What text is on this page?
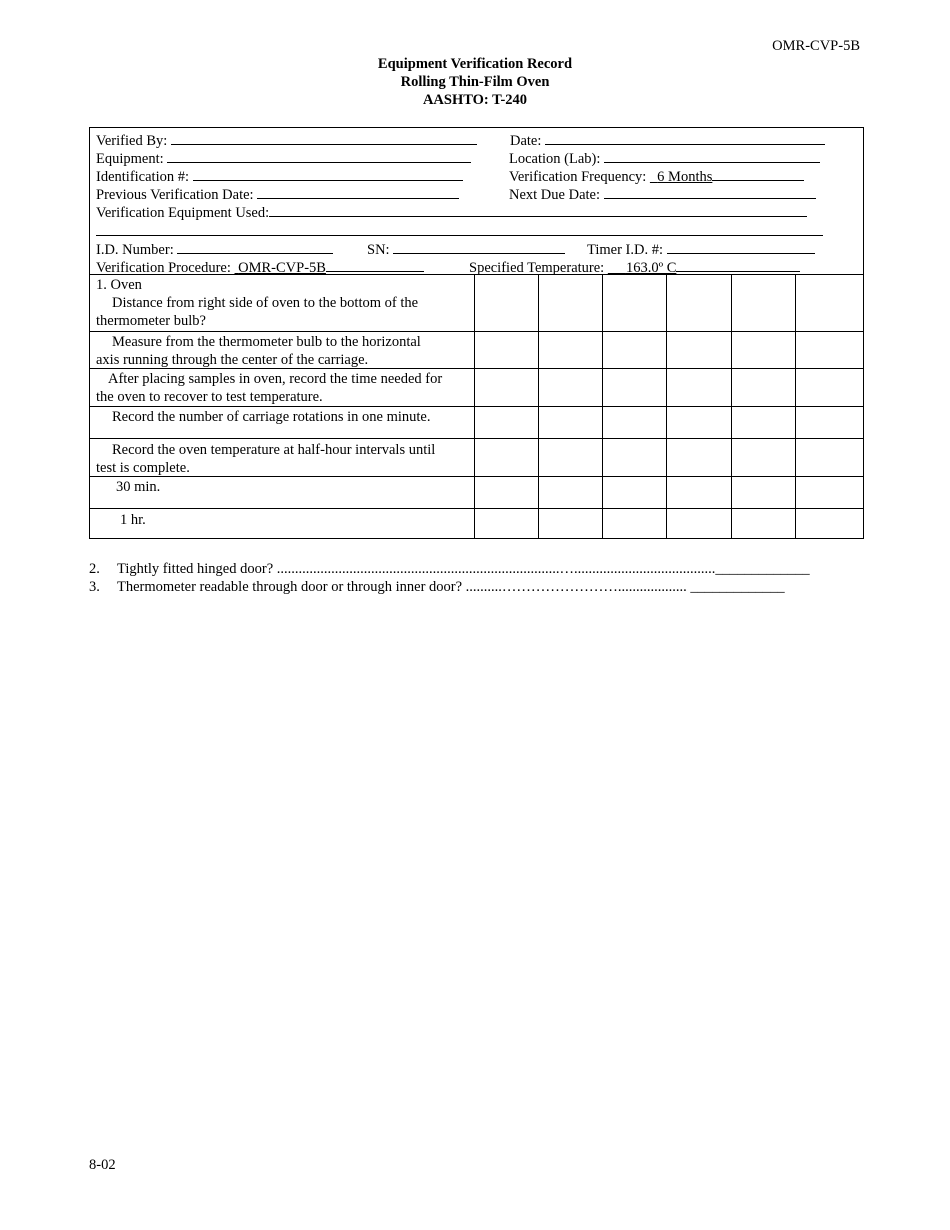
OMR-CVP-5B
Equipment Verification Record
Rolling Thin-Film Oven
AASHTO: T-240
Verified By:	Date:
Equipment:	Location (Lab):
Identification #:	Verification Frequency: 6 Months
Previous Verification Date:	Next Due Date:
Verification Equipment Used:
I.D. Number:	SN:	Timer I.D. #:
Verification Procedure: OMR-CVP-5B	Specified Temperature: 163.0º C
1. Oven
Distance from right side of oven to the bottom of the
thermometer bulb?
Measure from the thermometer bulb to the horizontal
axis running through the center of the carriage.
After placing samples in oven, record the time needed for
the oven to recover to test temperature.
Record the number of carriage rotations in one minute.
Record the oven temperature at half-hour intervals until
test is complete.
30 min.
1 hr.
2. Tightly fitted hinged door? ..............................................................................…......................................._____________
3. Thermometer readable through door or through inner door? ..........……………………................... _____________
8-02
